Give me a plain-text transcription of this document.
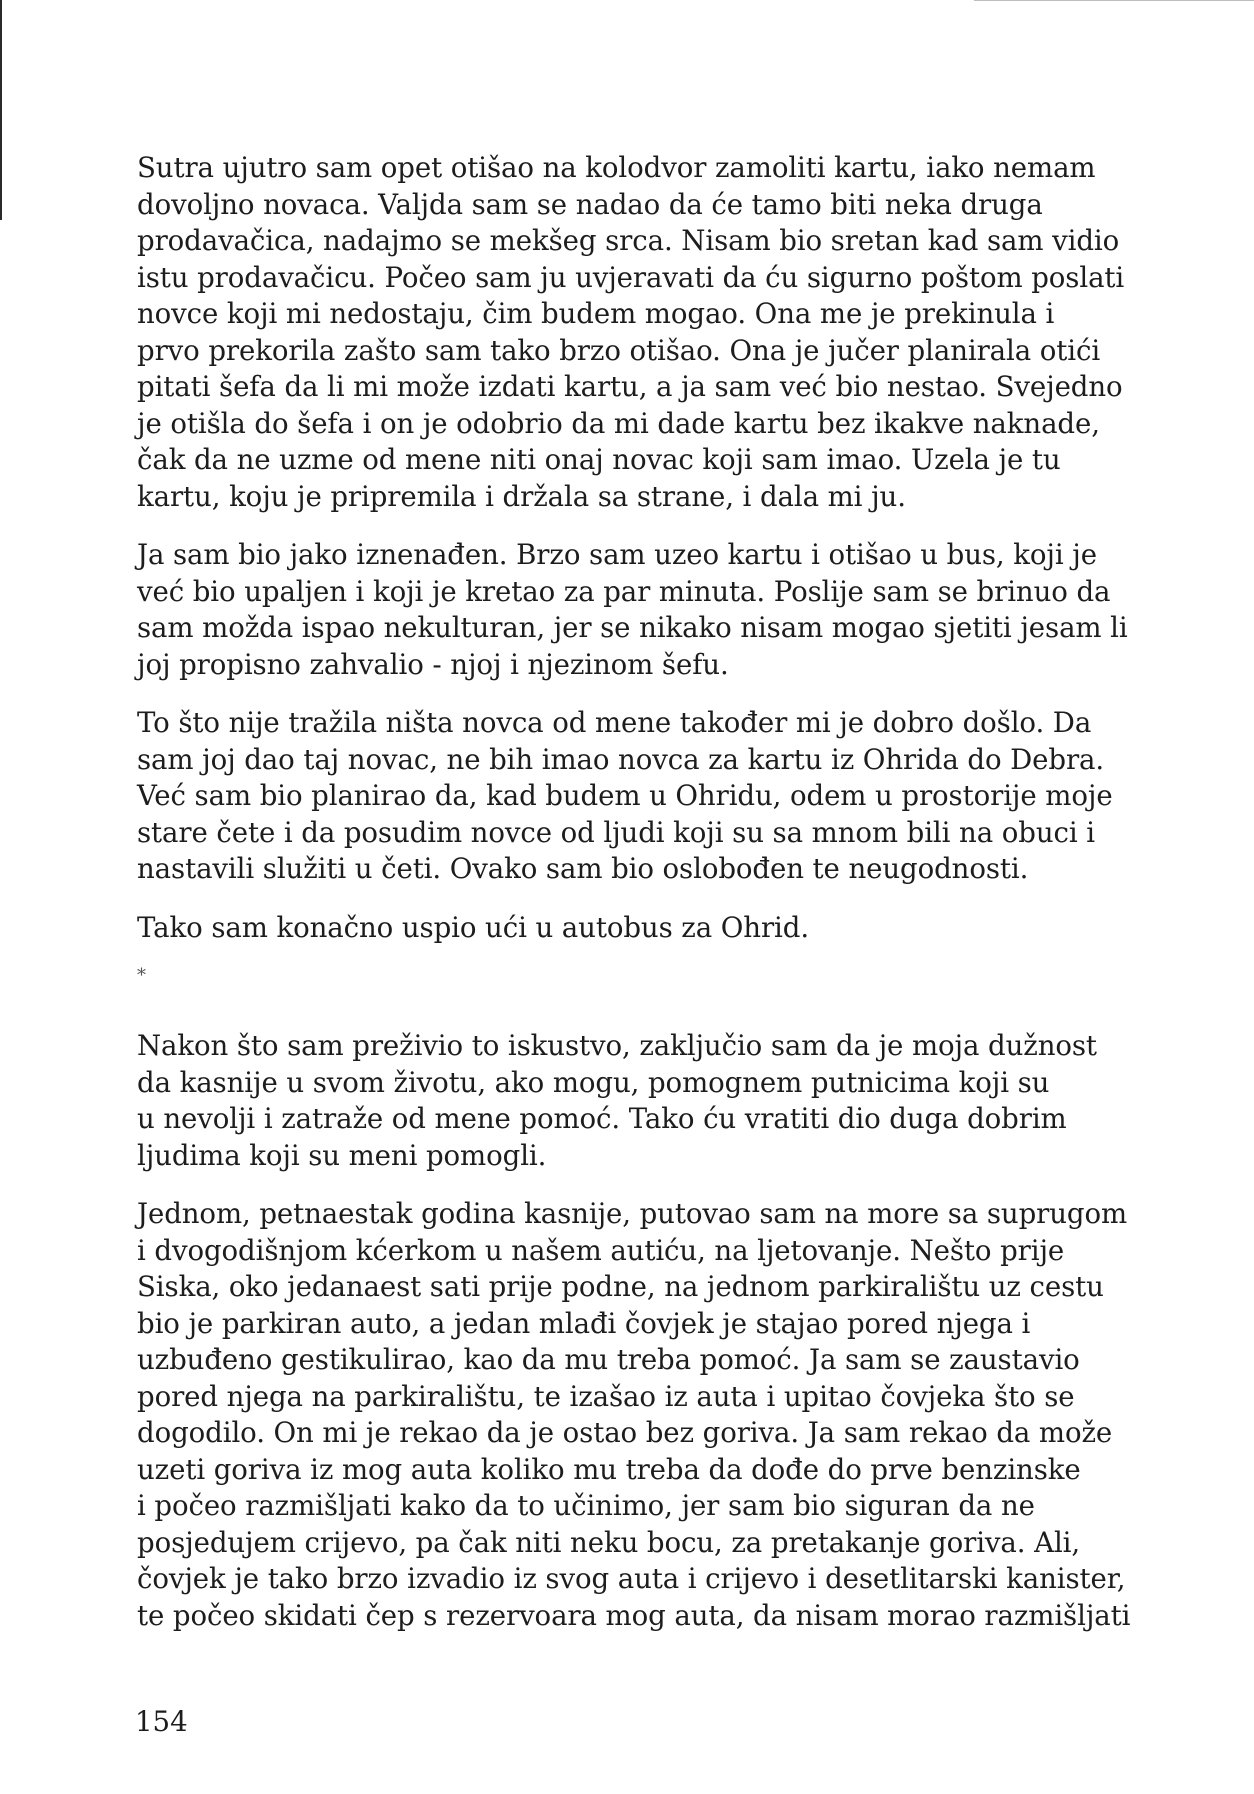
Sutra ujutro sam opet otišao na kolodvor zamoliti kartu, iako nemam
dovoljno novaca. Valjda sam se nadao da će tamo biti neka druga
prodavačica, nadajmo se mekšeg srca. Nisam bio sretan kad sam vidio
istu prodavačicu. Počeo sam ju uvjeravati da ću sigurno poštom poslati
novce koji mi nedostaju, čim budem mogao. Ona me je prekinula i
prvo prekorila zašto sam tako brzo otišao. Ona je jučer planirala otići
pitati šefa da li mi može izdati kartu, a ja sam već bio nestao. Svejedno
je otišla do šefa i on je odobrio da mi dade kartu bez ikakve naknade,
čak da ne uzme od mene niti onaj novac koji sam imao. Uzela je tu
kartu, koju je pripremila i držala sa strane, i dala mi ju.

Ja sam bio jako iznenađen. Brzo sam uzeo kartu i otišao u bus, koji je
već bio upaljen i koji je kretao za par minuta. Poslije sam se brinuo da
sam možda ispao nekulturan, jer se nikako nisam mogao sjetiti jesam li
joj propisno zahvalio - njoj i njezinom šefu.

To što nije tražila ništa novca od mene također mi je dobro došlo. Da
sam joj dao taj novac, ne bih imao novca za kartu iz Ohrida do Debra.
Već sam bio planirao da, kad budem u Ohridu, odem u prostorije moje
stare čete i da posudim novce od ljudi koji su sa mnom bili na obuci i
nastavili služiti u četi. Ovako sam bio oslobođen te neugodnosti.

Tako sam konačno uspio ući u autobus za Ohrid.

*

Nakon što sam preživio to iskustvo, zaključio sam da je moja dužnost
da kasnije u svom životu, ako mogu, pomognem putnicima koji su
u nevolji i zatraže od mene pomoć. Tako ću vratiti dio duga dobrim
ljudima koji su meni pomogli.

Jednom, petnaestak godina kasnije, putovao sam na more sa suprugom
i dvogodišnjom kćerkom u našem autiću, na ljetovanje. Nešto prije
Siska, oko jedanaest sati prije podne, na jednom parkiralištu uz cestu
bio je parkiran auto, a jedan mlađi čovjek je stajao pored njega i
uzbuđeno gestikulirao, kao da mu treba pomoć. Ja sam se zaustavio
pored njega na parkiralištu, te izašao iz auta i upitao čovjeka što se
dogodilo. On mi je rekao da je ostao bez goriva. Ja sam rekao da može
uzeti goriva iz mog auta koliko mu treba da dođe do prve benzinske
i počeo razmišljati kako da to učinimo, jer sam bio siguran da ne
posjedujem crijevo, pa čak niti neku bocu, za pretakanje goriva. Ali,
čovjek je tako brzo izvadio iz svog auta i crijevo i desetlitarski kanister,
te počeo skidati čep s rezervoara mog auta, da nisam morao razmišljati

154
